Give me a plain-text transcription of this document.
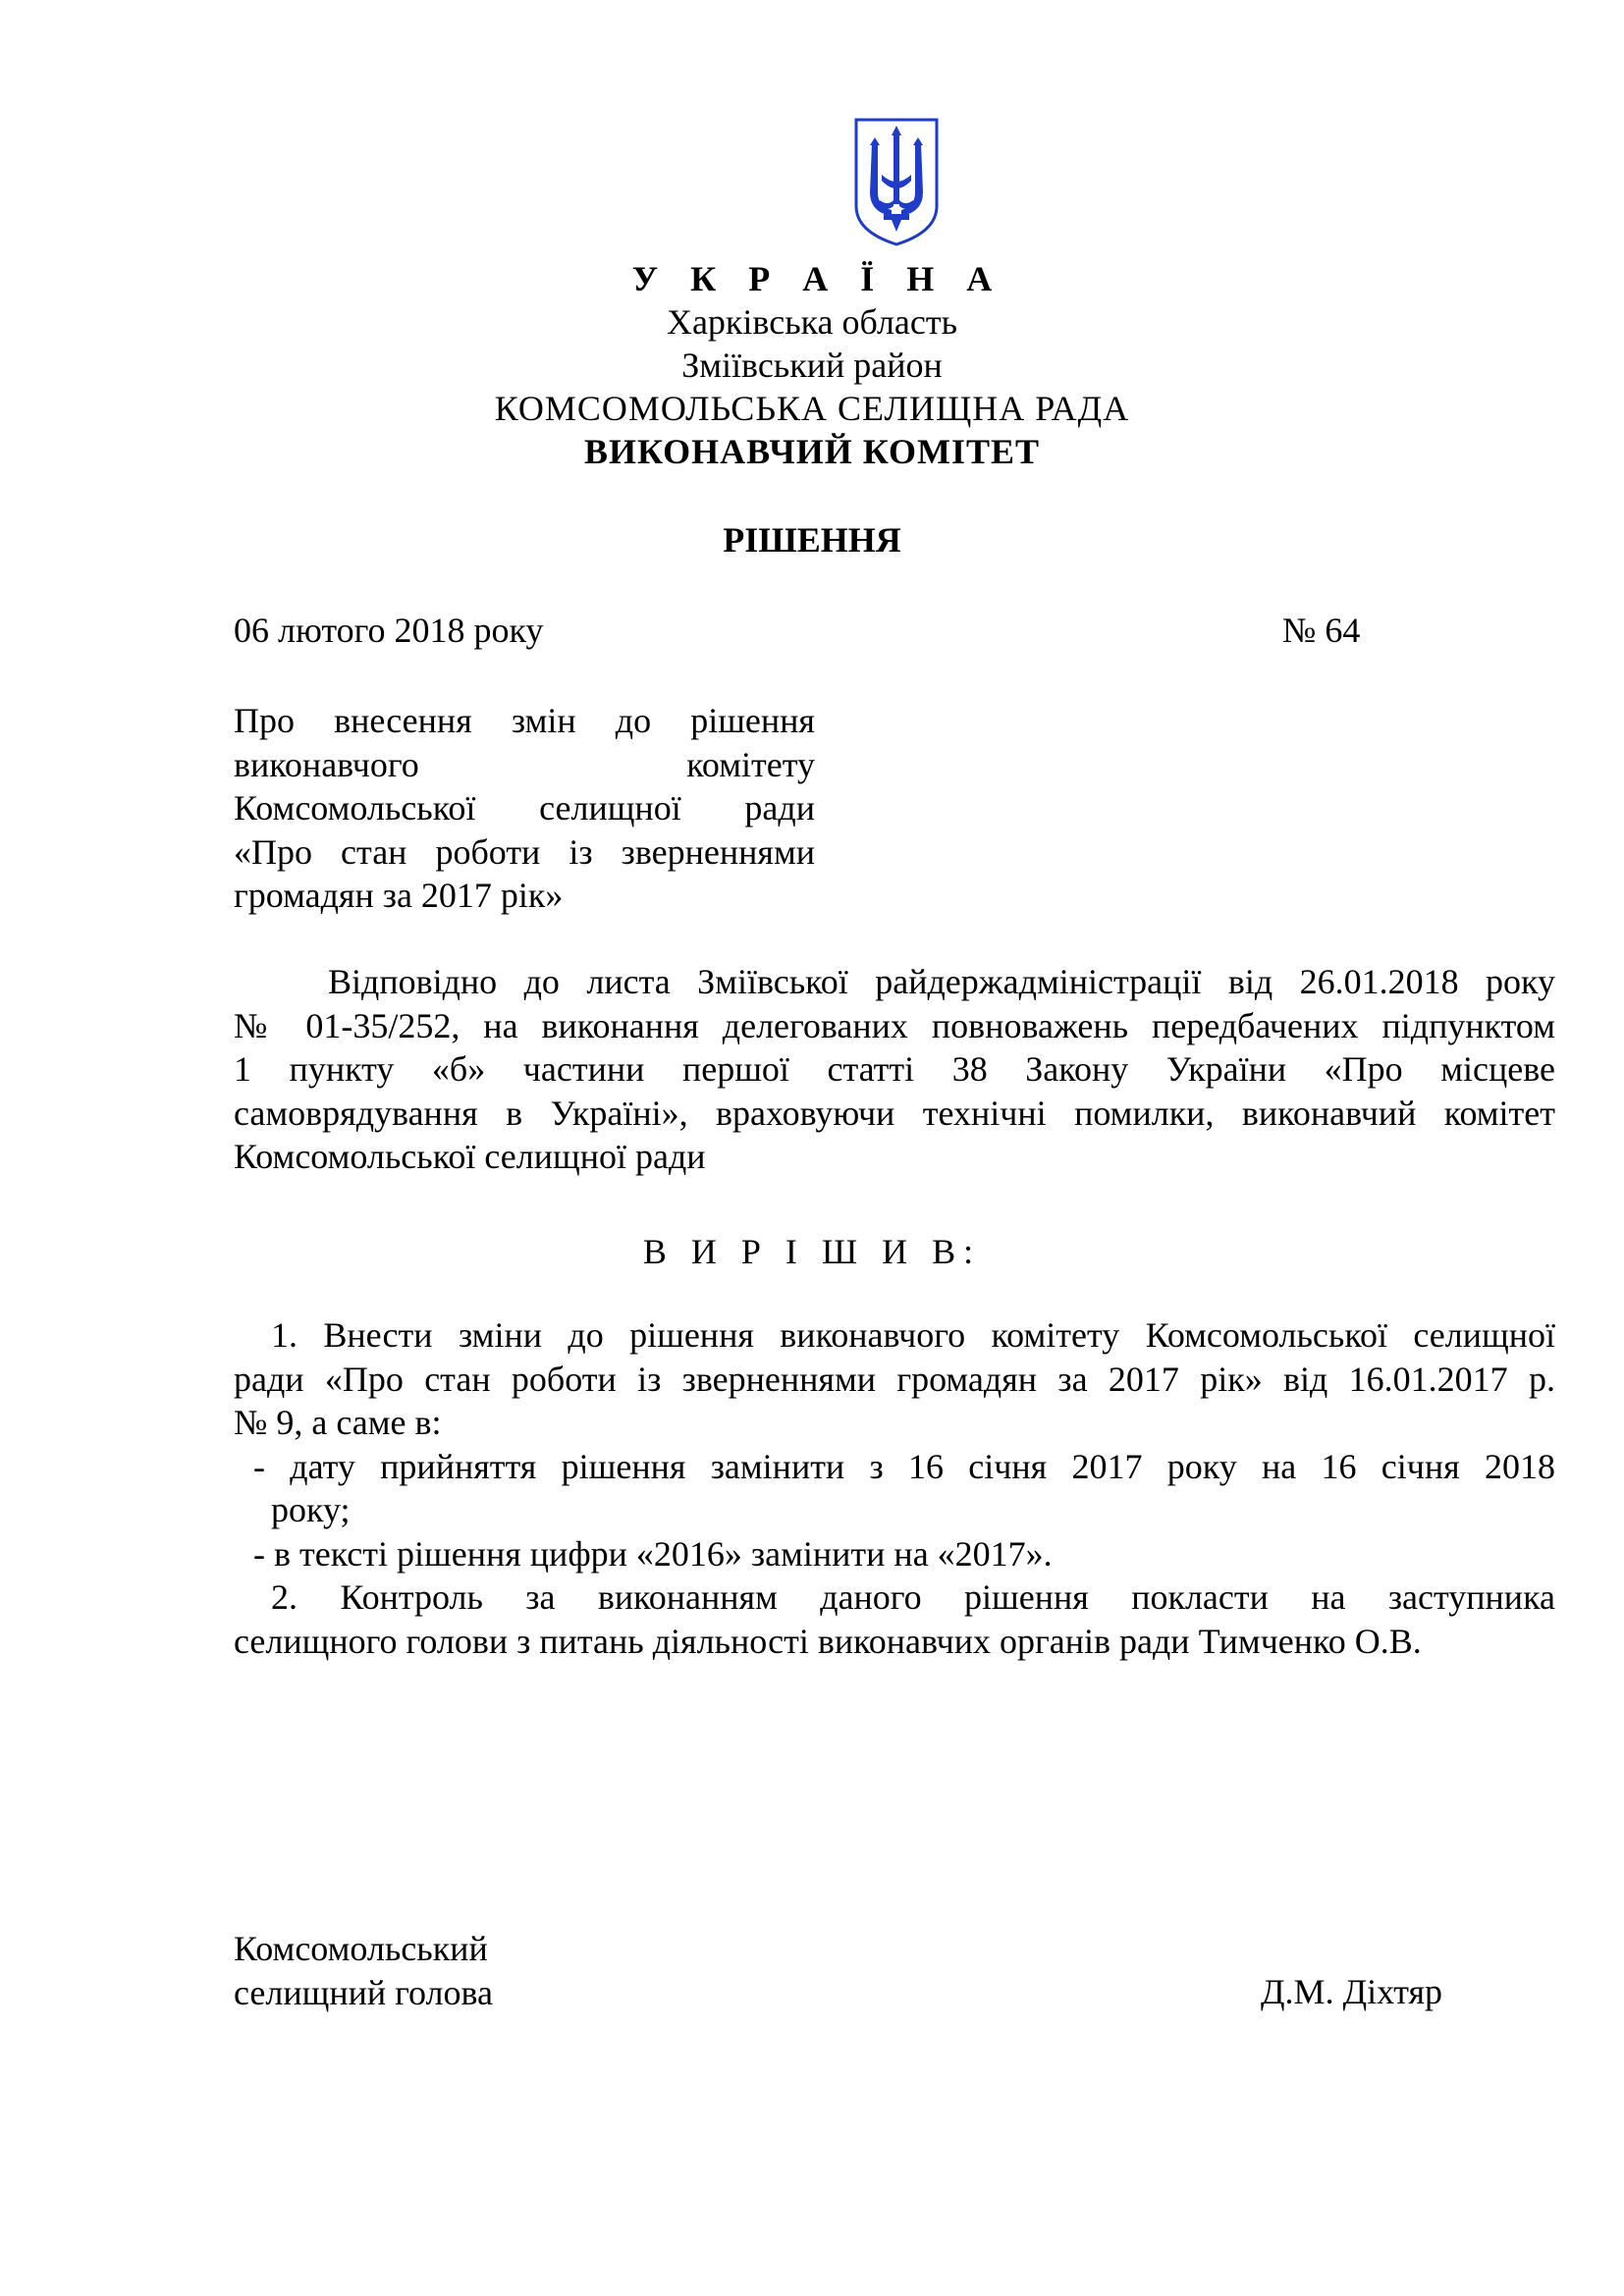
У К Р А Ї Н А
Харківська область
Зміївський район
КОМСОМОЛЬСЬКА СЕЛИЩНА РАДА
ВИКОНАВЧИЙ КОМІТЕТ
РІШЕННЯ
06 лютого 2018 року	№ 64
Про внесення змін до рішення
виконавчого комітету
Комсомольської селищної ради
«Про стан роботи із зверненнями
громадян за 2017 рік»
Відповідно до листа Зміївської райдержадміністрації від 26.01.2018 року
№ 01-35/252, на виконання делегованих повноважень передбачених підпунктом
1 пункту «б» частини першої статті 38 Закону України «Про місцеве
самоврядування в Україні», враховуючи технічні помилки, виконавчий комітет
Комсомольської селищної ради
В И Р І Ш И В:
1. Внести зміни до рішення виконавчого комітету Комсомольської селищної
ради «Про стан роботи із зверненнями громадян за 2017 рік» від 16.01.2017 р.
№ 9, а саме в:
- дату прийняття рішення замінити з 16 січня 2017 року на 16 січня 2018
року;
- в тексті рішення цифри «2016» замінити на «2017».
2. Контроль за виконанням даного рішення покласти на заступника
селищного голови з питань діяльності виконавчих органів ради Тимченко О.В.
Комсомольський
селищний голова	Д.М. Діхтяр
